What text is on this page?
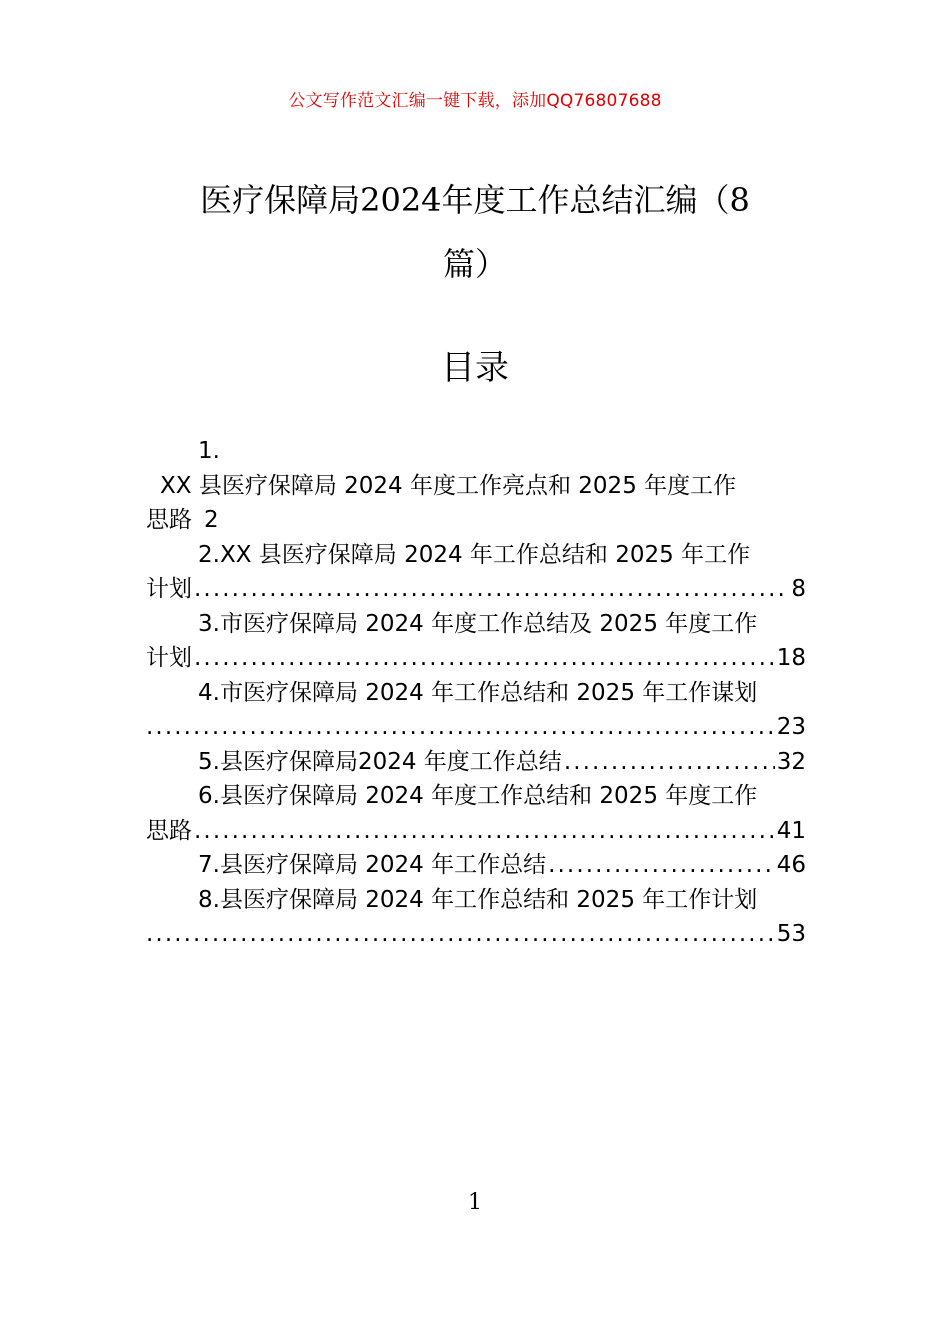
公文写作范文汇编一键下载，添加QQ76807688
医疗保障局2024年度工作总结汇编（8
篇）
目录
1.
XX 县医疗保障局 2024 年度工作亮点和 2025 年度工作
思路 2
2. XX 县医疗保障局 2024 年工作总结和 2025 年工作
计划 .....	8
3. 市医疗保障局 2024 年度工作总结及 2025 年度工作
计划 .....	18
4. 市医疗保障局 2024 年工作总结和 2025 年工作谋划
.....
23
5. 县医疗保障局2024 年度工作总结 .....	32
6. 县医疗保障局 2024 年度工作总结和 2025 年度工作
思路 .....	41
7. 县医疗保障局 2024 年工作总结 .....	46
8. 县医疗保障局 2024 年工作总结和 2025 年工作计划
.....
53
1
